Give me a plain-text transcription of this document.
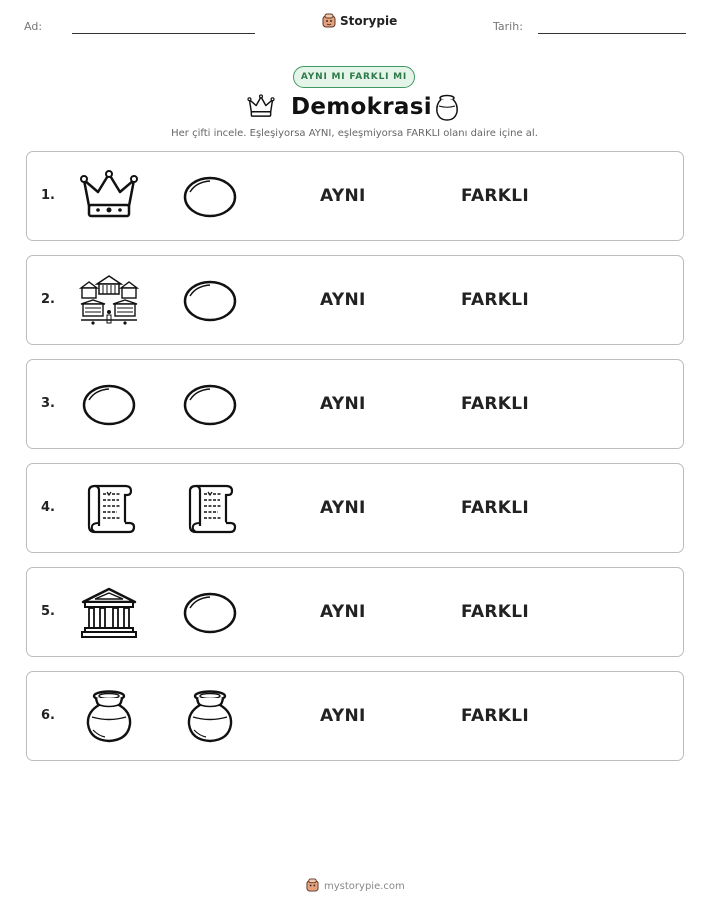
Ad:	Storypie	Tarih:
AYNI MI FARKLI MI
Demokrasi
Her çifti incele. Eşleşiyorsa AYNI, eşleşmiyorsa FARKLI olanı daire içine al.
1.	AYNI	FARKLI
2.	AYNI	FARKLI
3.	AYNI	FARKLI
4.	AYNI	FARKLI
5.	AYNI	FARKLI
6.	AYNI	FARKLI
mystorypie.com
